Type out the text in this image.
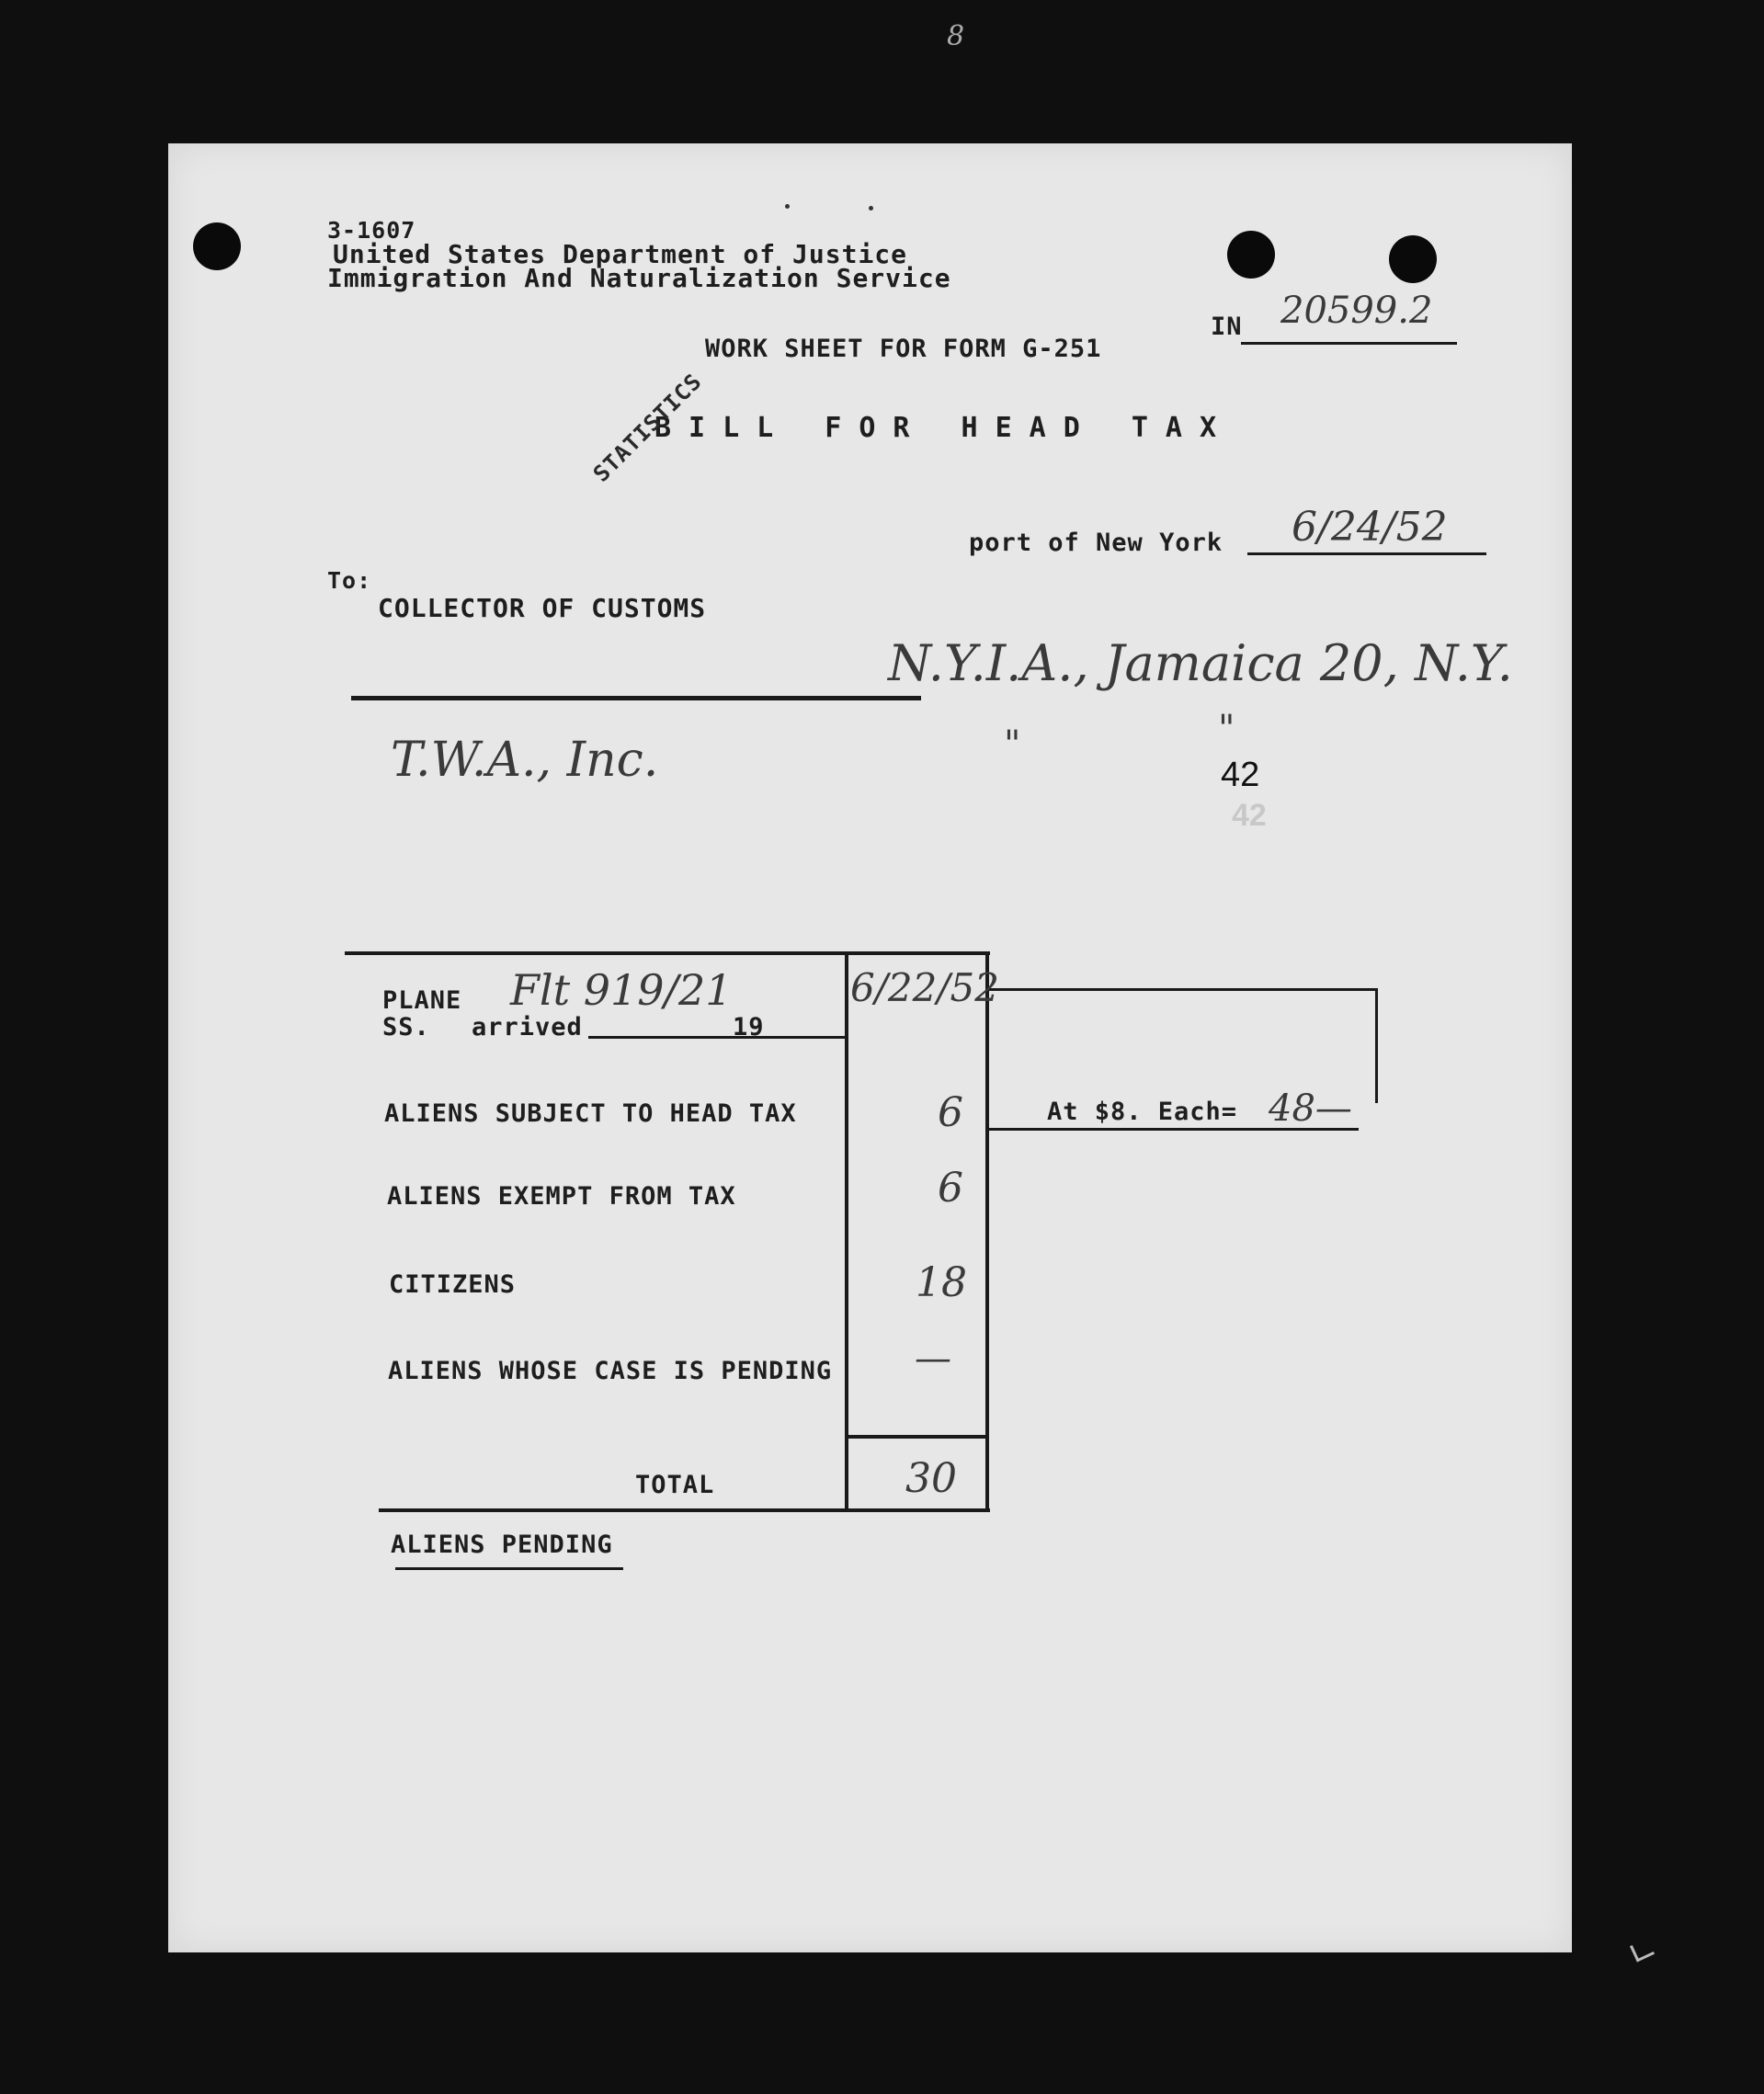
8
3-1607
United States Department of Justice
Immigration And Naturalization Service
IN 20599.2
WORK SHEET FOR FORM G-251
BILL FOR HEAD TAX
STATISTICS
port of New York 6/24/52
To:
COLLECTOR OF CUSTOMS
N.Y.I.A., Jamaica 20, N.Y.
T.W.A., Inc.	"	"
42
42
PLANE Flt 919/21
SS. arrived	19
6/22/52
ALIENS SUBJECT TO HEAD TAX	6	At $8. Each= 48—
ALIENS EXEMPT FROM TAX	6
CITIZENS	18
ALIENS WHOSE CASE IS PENDING —
TOTAL	30
ALIENS PENDING
